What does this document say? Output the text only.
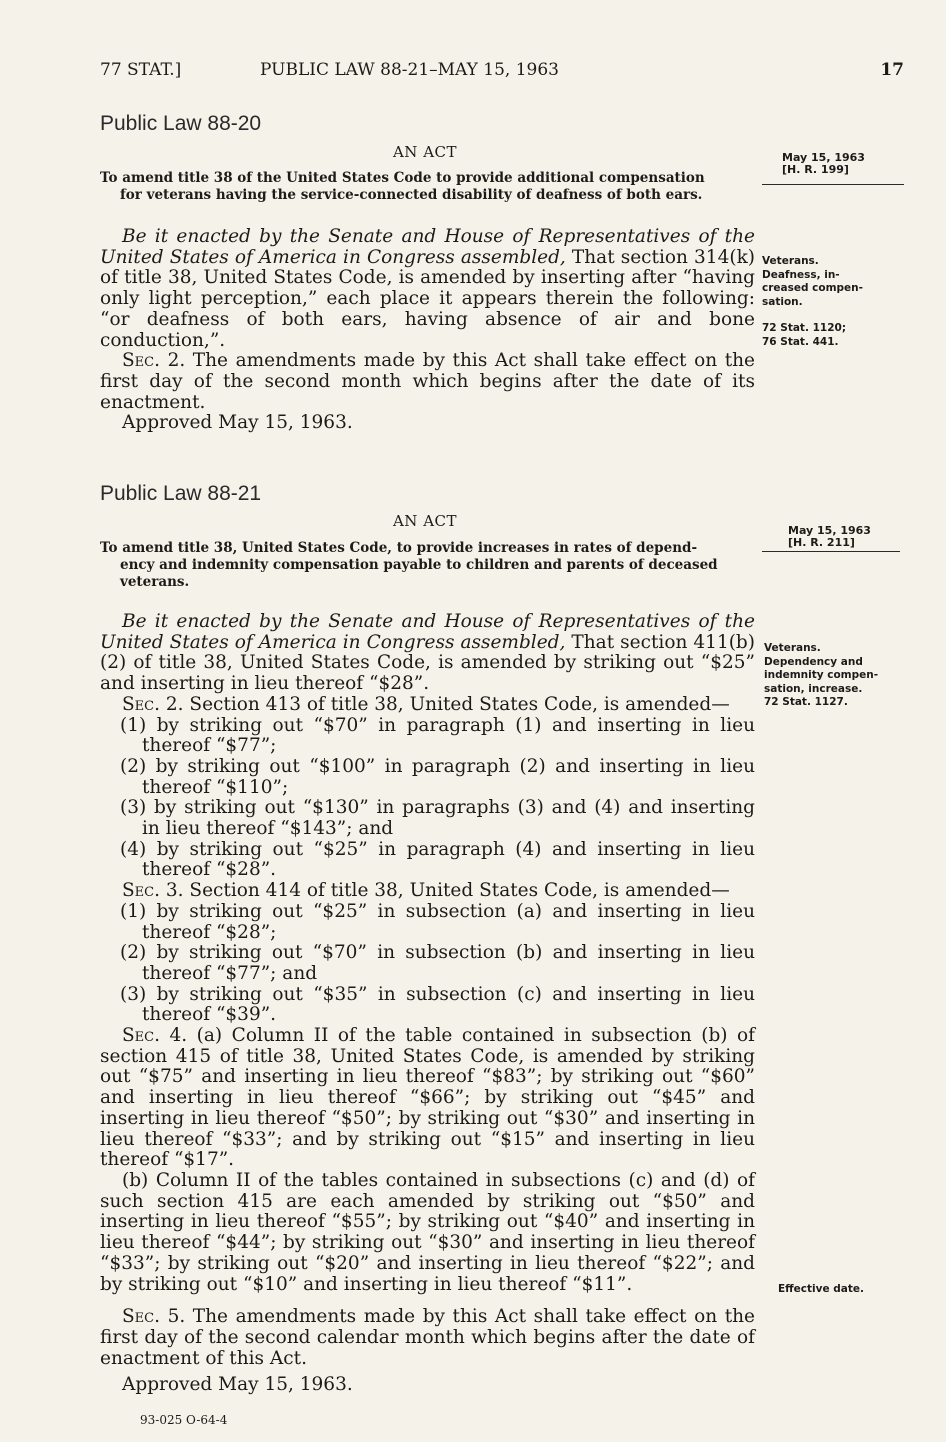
77 STAT.]	PUBLIC LAW 88-21–MAY 15, 1963	17
Public Law 88-20
AN ACT
To amend title 38 of the United States Code to provide additional compensation
for veterans having the service-connected disability of deafness of both ears.
May 15, 1963
[H. R. 199]

Be it enacted by the Senate and House of Representatives of the United States of America in Congress assembled, That section 314(k) of title 38, United States Code, is amended by inserting after “having only light perception,” each place it appears therein the following: “or deafness of both ears, having absence of air and bone conduction,”.

Sec. 2. The amendments made by this Act shall take effect on the first day of the second month which begins after the date of its enactment.

Approved May 15, 1963.

Veterans.
Deafness, in-
creased compen-
sation.
72 Stat. 1120;
76 Stat. 441.
Public Law 88-21
AN ACT
To amend title 38, United States Code, to provide increases in rates of depend-
ency and indemnity compensation payable to children and parents of deceased
veterans.
May 15, 1963
[H. R. 211]

Be it enacted by the Senate and House of Representatives of the United States of America in Congress assembled, That section 411(b)(2) of title 38, United States Code, is amended by striking out “$25” and inserting in lieu thereof “$28”.

Sec. 2. Section 413 of title 38, United States Code, is amended—

(1) by striking out “$70” in paragraph (1) and inserting in lieu thereof “$77”;

(2) by striking out “$100” in paragraph (2) and inserting in lieu thereof “$110”;

(3) by striking out “$130” in paragraphs (3) and (4) and inserting in lieu thereof “$143”; and

(4) by striking out “$25” in paragraph (4) and inserting in lieu thereof “$28”.

Sec. 3. Section 414 of title 38, United States Code, is amended—

(1) by striking out “$25” in subsection (a) and inserting in lieu thereof “$28”;

(2) by striking out “$70” in subsection (b) and inserting in lieu thereof “$77”; and

(3) by striking out “$35” in subsection (c) and inserting in lieu thereof “$39”.

Sec. 4. (a) Column II of the table contained in subsection (b) of section 415 of title 38, United States Code, is amended by striking out “$75” and inserting in lieu thereof “$83”; by striking out “$60” and inserting in lieu thereof “$66”; by striking out “$45” and inserting in lieu thereof “$50”; by striking out “$30” and inserting in lieu thereof “$33”; and by striking out “$15” and inserting in lieu thereof “$17”.

(b) Column II of the tables contained in subsections (c) and (d) of such section 415 are each amended by striking out “$50” and inserting in lieu thereof “$55”; by striking out “$40” and inserting in lieu thereof “$44”; by striking out “$30” and inserting in lieu thereof “$33”; by striking out “$20” and inserting in lieu thereof “$22”; and by striking out “$10” and inserting in lieu thereof “$11”.

Sec. 5. The amendments made by this Act shall take effect on the first day of the second calendar month which begins after the date of enactment of this Act.

Approved May 15, 1963.

Veterans.
Dependency and
indemnity compen-
sation, increase.
72 Stat. 1127.
Effective date.
93-025 O-64-4
